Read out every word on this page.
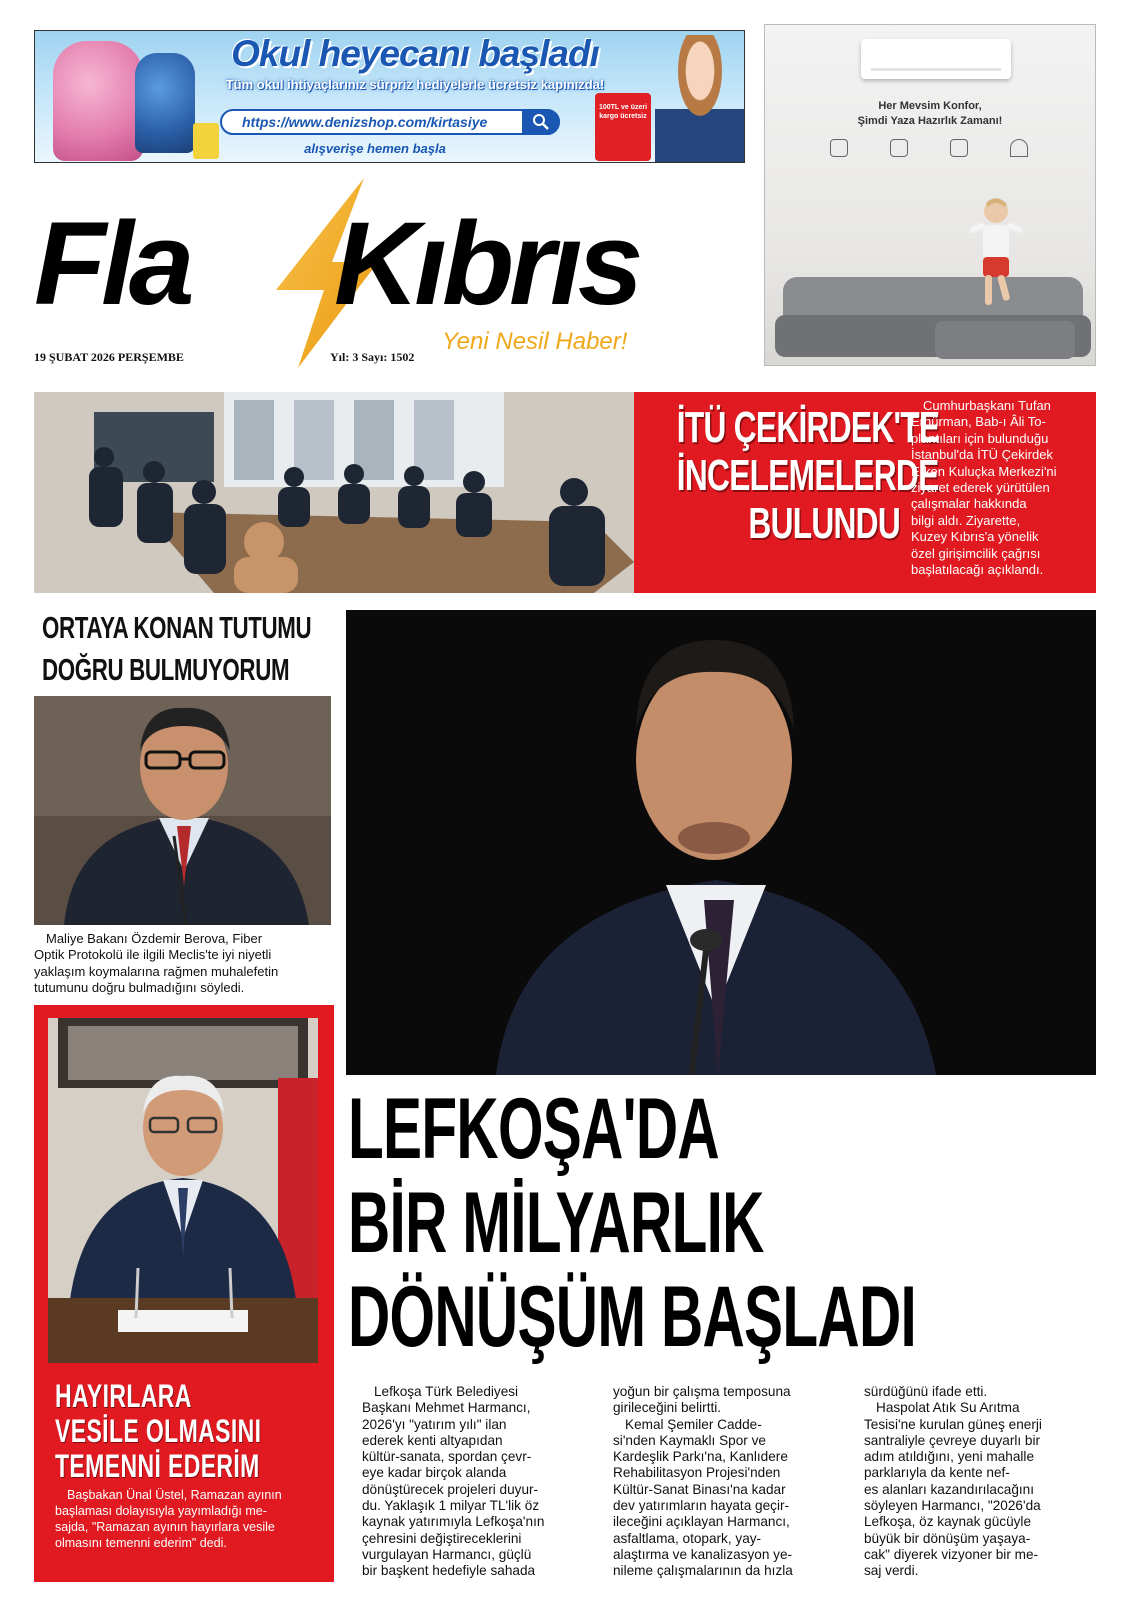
Okul heyecanı başladı
Tüm okul ihtiyaçlarınız sürpriz hediyelerle ücretsiz kapınızda!
https://www.denizshop.com/kirtasiye
alışverişe hemen başla
100TL ve üzeri kargo ücretsiz
Her Mevsim Konfor,
Şimdi Yaza Hazırlık Zamanı!
Fla Kıbrıs
Yeni Nesil Haber!
19 ŞUBAT 2026 PERŞEMBE	Yıl: 3 Sayı: 1502
İTÜ ÇEKİRDEK'TE
İNCELEMELERDE
BULUNDU
Cumhurbaşkanı Tufan
Erhürman, Bab-ı Âli To-
plantıları için bulunduğu
İstanbul'da İTÜ Çekirdek
Erken Kuluçka Merkezi'ni
ziyaret ederek yürütülen
çalışmalar hakkında
bilgi aldı. Ziyarette,
Kuzey Kıbrıs'a yönelik
özel girişimcilik çağrısı
başlatılacağı açıklandı.
ORTAYA KONAN TUTUMU
DOĞRU BULMUYORUM
Maliye Bakanı Özdemir Berova, Fiber
Optik Protokolü ile ilgili Meclis'te iyi niyetli
yaklaşım koymalarına rağmen muhalefetin
tutumunu doğru bulmadığını söyledi.
HAYIRLARA
VESİLE OLMASINI
TEMENNİ EDERİM
Başbakan Ünal Üstel, Ramazan ayının
başlaması dolayısıyla yayımladığı me-
sajda, "Ramazan ayının hayırlara vesile
olmasını temenni ederim" dedi.
LEFKOŞA'DA
BİR MİLYARLIK
DÖNÜŞÜM BAŞLADI
Lefkoşa Türk Belediyesi
Başkanı Mehmet Harmancı,
2026'yı "yatırım yılı" ilan
ederek kenti altyapıdan
kültür-sanata, spordan çevr-
eye kadar birçok alanda
dönüştürecek projeleri duyur-
du. Yaklaşık 1 milyar TL'lik öz
kaynak yatırımıyla Lefkoşa'nın
çehresini değiştireceklerini
vurgulayan Harmancı, güçlü
bir başkent hedefiyle sahada
yoğun bir çalışma temposuna
girileceğini belirtti.
Kemal Şemiler Cadde-
si'nden Kaymaklı Spor ve
Kardeşlik Parkı'na, Kanlıdere
Rehabilitasyon Projesi'nden
Kültür-Sanat Binası'na kadar
dev yatırımların hayata geçir-
ileceğini açıklayan Harmancı,
asfaltlama, otopark, yay-
alaştırma ve kanalizasyon ye-
nileme çalışmalarının da hızla
sürdüğünü ifade etti.
Haspolat Atık Su Arıtma
Tesisi'ne kurulan güneş enerji
santraliyle çevreye duyarlı bir
adım atıldığını, yeni mahalle
parklarıyla da kente nef-
es alanları kazandırılacağını
söyleyen Harmancı, "2026'da
Lefkoşa, öz kaynak gücüyle
büyük bir dönüşüm yaşaya-
cak" diyerek vizyoner bir me-
saj verdi.
